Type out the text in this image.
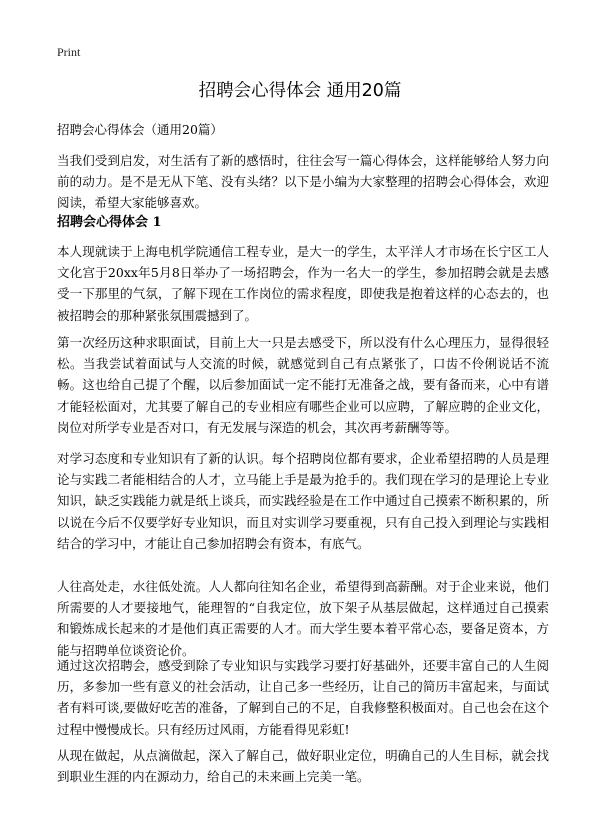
Print
招聘会心得体会 通用20篇
招聘会心得体会（通用20篇）
当我们受到启发，对生活有了新的感悟时，往往会写一篇心得体会，这样能够给人努力向前的动力。是不是无从下笔、没有头绪？以下是小编为大家整理的招聘会心得体会，欢迎阅读，希望大家能够喜欢。
招聘会心得体会 1
本人现就读于上海电机学院通信工程专业，是大一的学生，太平洋人才市场在长宁区工人文化宫于20xx年5月8日举办了一场招聘会，作为一名大一的学生，参加招聘会就是去感受一下那里的气氛，了解下现在工作岗位的需求程度，即使我是抱着这样的心态去的，也被招聘会的那种紧张氛围震撼到了。
第一次经历这种求职面试，目前上大一只是去感受下，所以没有什么心理压力，显得很轻松。当我尝试着面试与人交流的时候，就感觉到自己有点紧张了，口齿不伶俐说话不流畅。这也给自己提了个醒，以后参加面试一定不能打无准备之战，要有备而来，心中有谱才能轻松面对，尤其要了解自己的专业相应有哪些企业可以应聘，了解应聘的企业文化，岗位对所学专业是否对口，有无发展与深造的机会，其次再考薪酬等等。
对学习态度和专业知识有了新的认识。每个招聘岗位都有要求，企业希望招聘的人员是理论与实践二者能相结合的人才，立马能上手是最为抢手的。我们现在学习的是理论上专业知识，缺乏实践能力就是纸上谈兵，而实践经验是在工作中通过自己摸索不断积累的，所以说在今后不仅要学好专业知识，而且对实训学习要重视，只有自己投入到理论与实践相结合的学习中，才能让自己参加招聘会有资本，有底气。
人往高处走，水往低处流。人人都向往知名企业，希望得到高薪酬。对于企业来说，他们所需要的人才要接地气，能理智的“自我定位，放下架子从基层做起，这样通过自己摸索和锻炼成长起来的才是他们真正需要的人才。而大学生要本着平常心态，要备足资本，方能与招聘单位谈资论价。
通过这次招聘会，感受到除了专业知识与实践学习要打好基础外，还要丰富自己的人生阅历，多参加一些有意义的社会活动，让自己多一些经历，让自己的简历丰富起来，与面试者有料可谈,要做好吃苦的准备，了解到自己的不足，自我修整积极面对。自己也会在这个过程中慢慢成长。只有经历过风雨，方能看得见彩虹!
从现在做起，从点滴做起，深入了解自己，做好职业定位，明确自己的人生目标，就会找到职业生涯的内在源动力，给自己的未来画上完美一笔。
